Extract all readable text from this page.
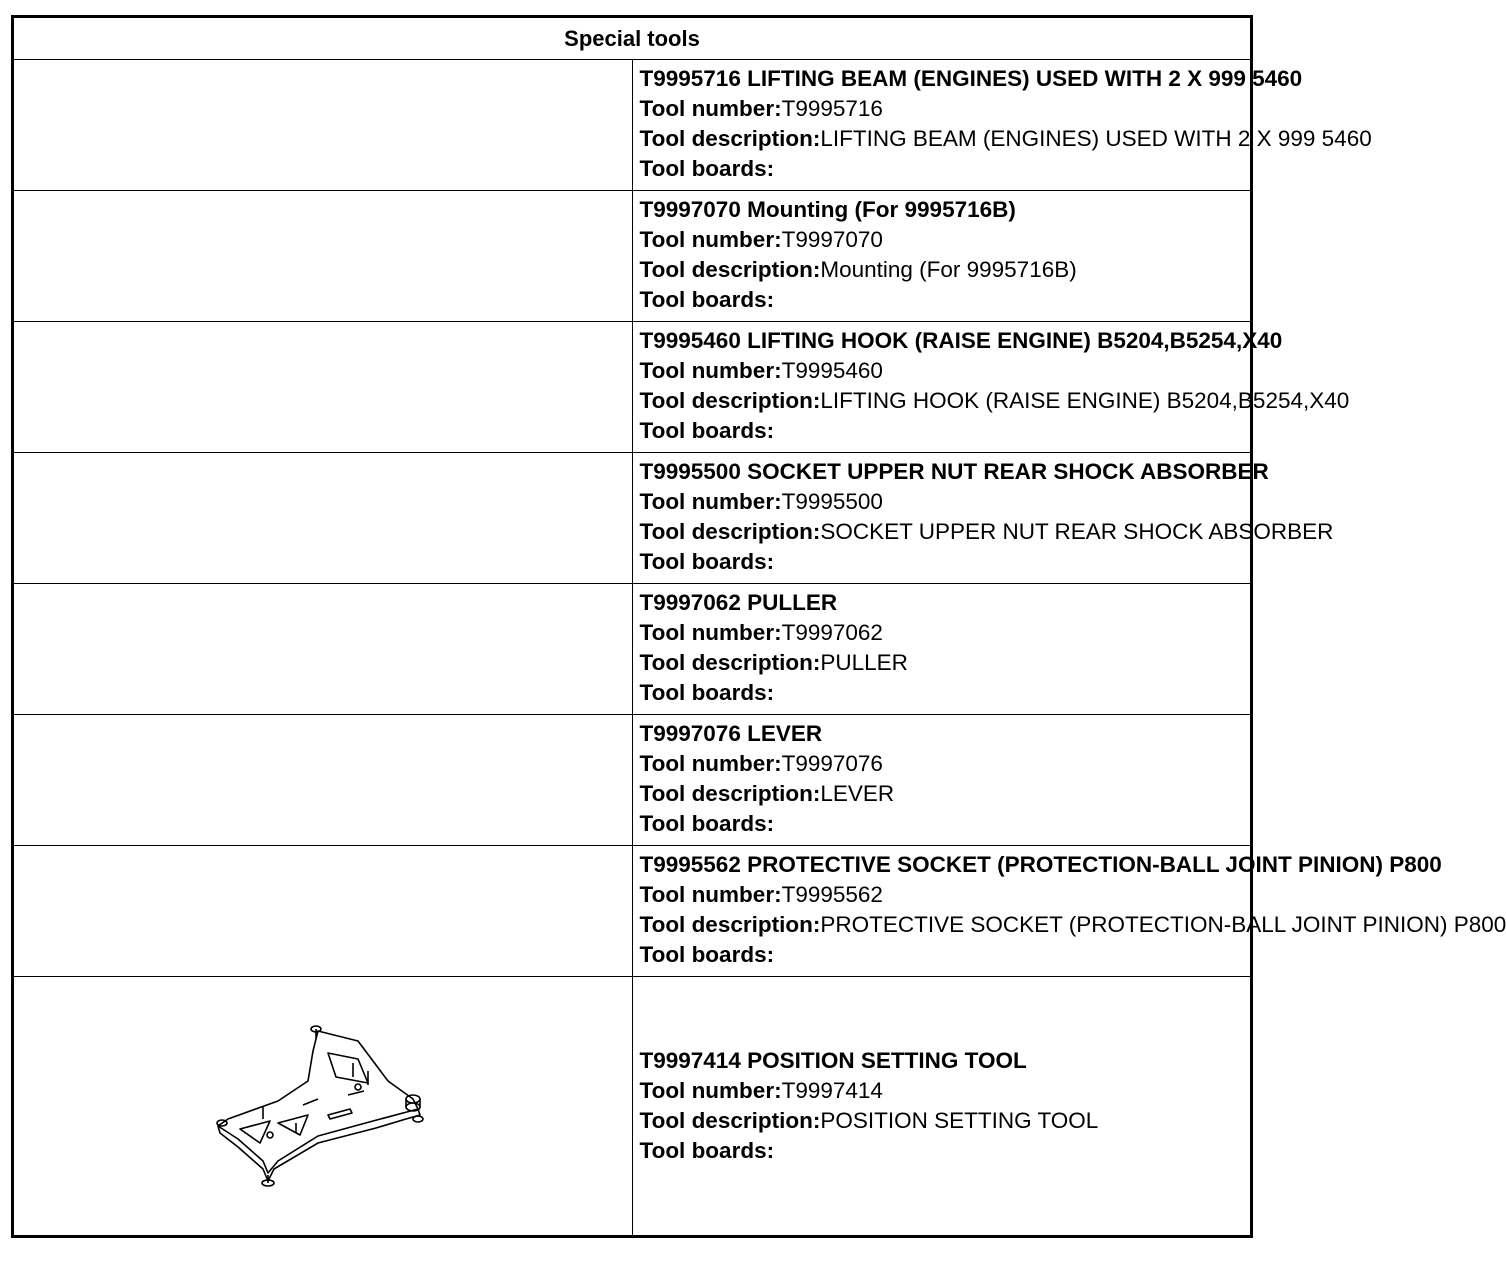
Special tools	

	T9995716 LIFTING BEAM (ENGINES) USED WITH 2 X 999 5460
Tool number:T9995716
Tool description:LIFTING BEAM (ENGINES) USED WITH 2 X 999 5460
Tool boards:

	T9997070 Mounting (For 9995716B)
Tool number:T9997070
Tool description:Mounting (For 9995716B)
Tool boards:

	T9995460 LIFTING HOOK (RAISE ENGINE) B5204,B5254,X40
Tool number:T9995460
Tool description:LIFTING HOOK (RAISE ENGINE) B5204,B5254,X40
Tool boards:

	T9995500 SOCKET UPPER NUT REAR SHOCK ABSORBER
Tool number:T9995500
Tool description:SOCKET UPPER NUT REAR SHOCK ABSORBER
Tool boards:

	T9997062 PULLER
Tool number:T9997062
Tool description:PULLER
Tool boards:

	T9997076 LEVER
Tool number:T9997076
Tool description:LEVER
Tool boards:

	T9995562 PROTECTIVE SOCKET (PROTECTION-BALL JOINT PINION) P800
Tool number:T9995562
Tool description:PROTECTIVE SOCKET (PROTECTION-BALL JOINT PINION) P800
Tool boards:

T9997414 POSITION SETTING TOOL
Tool number:T9997414
Tool description:POSITION SETTING TOOL
Tool boards:
